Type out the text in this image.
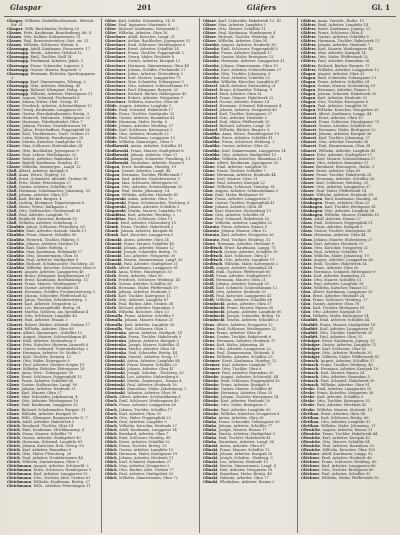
Glaspar	201	Gläfers	Gl. 1
Glaspar, Wilhelm, Modelltischlermstr., Wersch.-Str. 51
Glaspar, Willi, Buchbinder, Dollweg 25
Glasow, Fritz, Kaufmann, Brandenburg. 88. II
Glasow, Otto, Kellner, Katharinenstr. 11
Glasow, Paul, Bureauvorsteher, Gärt. str. 21
Glasow, Wilhelm, Schlosser, Weisstr. 6
Glasenapp, Adolf, Kaufmann, Pissauerstr. 17
Glasenapp, Bernh., Arbeiter, Holzhof 12
Glasenapp, Emil, Tischler, Stall 14
Glasenapp, Ferdinand, Arbeiter, Jakob. 5
Glasenapp, Franz, Schneider, Lagerstr. 3
Glasenapp, Gustav, Maurer, Bogenstr. 1
Glasenapp, Hermann, Böttcher, Sperlingsgasse 3
Glasenapp, Karl, Zimmermann, Tobiasg. 2
Glasenapp, Otto, Arbeiter, Weideng. 45
Glasenapp, Richard, Klempner, Holzg. 9
Glasenapp, Wilhelm, Arbeiter, Hintergasse 11
Glaser, August, Schmied, Fischmarkt 8
Glaser, Emma, Witwe, Heil. Geistg. 41
Glaser, Friedrich, Arbeiter, Schüsseldamm 13
Glaser, Georg, Kaufmann, Langgasse 60
Glaser, Gustav, Eisenbahnbeamter, Breitg. 3
Glaser, Heinrich, Malermstr., Häkergasse 22
Glaser, Hermann, Fabrikarbeiter, Ohra 7
Glaser, Johann, Fischer, Neufahrwasser 16
Glaser, Julius, Postschaffner, Poggenpfuhl 80
Glaser, Karl, Tischlermstr., Vorst. Graben 21
Glaser, Luise, Näherin, Paradiesgasse 28
Glaser, Martin, Kutscher, Sandgrube 14
Glaser, Max, Schlosser, Mattenbuden 24
Glaser, Otto, Buchhalter, Jopengasse 9
Glaser, Paul, Lehrer, Weidengasse 32
Glaser, Robert, Arbeiter, Rammbau 19
Glaser, Rudolf, Kaufmann, Hundeg. 47
Glaser, Wilhelm, Zimmerges., Langf. 12
Glaß, Albert, Arbeiter, Kneipab 6
Glaß, Anna, Witwe, Töpferg. 15
Glaß, Ernst, Schneider, Altstädt. Graben 90
Glaß, Fritz, Maler, Petershagen 27
Glaß, Gustav, Arbeiter, Schidlitz 38
Glaß, Hermann, Schuhmacher, Johannisg. 33
Glaß, Johann, Arbeiter, Ohra 102
Glaß, Karl, Bäcker, Burgstr. 4
Glaß, Ludwig, Klempner, Tagnetergasse 8
Glaß, Marie, Witwe, Kalkgasse 2
Glaß, Otto, Stellmacher, Niederstadt 41
Glaß, Paul, Arbeiter, Langfuhr 73
Glaß, Reinhold, Kutscher, Brabank 10
Glaß, Wilhelm, Arbeiter, Schichaug. 5
Glaubitz, Anton, Schlosser, Fleischerg. 63
Glaubitz, Emil, Arbeiter, Kassub. Markt 11
Glaubitz, Franz, Maurer, Schidlitz 90
Glaubitz, Heinrich, Tischler, Häkerg. 5
Glaubitz, Johann, Arbeiter, Mottlau 18
Glaubitz, Karl, Maler, Büttelg. 3
Glaubitz, Max, Kaufmann, Holzmarkt 17
Glaubitz, Otto, Zimmermann, Ohra 55
Glaubitz, Paul, Arbeiter, Stadtgebiet 9
Glaubitz, Richard, Schuhmacher, Tischlerg. 26
Glaubitz, Wilhelm, Kutscher, Schwarzes Meer 6
Glauert, August, Arbeiter, Langgarten 48
Glauert, Bruno, Klempner, Karpfenseigen 21
Glauert, Ernst, Kaufmann, Brotbänkeng. 11
Glauert, Franz, Maurer, Weidengasse 7
Glauert, Gustav, Arbeiter, Heubude 14
Glauert, Hermann, Schiffer, Fischmeisterweg 3
Glauert, Johann, Schneider, Pfefferstadt 42
Glauert, Julius, Tischler, Scheibenritterg. 5
Glauert, Karl, Arbeiter, Neugarten 22
Glauert, Leo, Bureaugehülfe, Breitg. 61
Glauert, Martha, Näherin, Am Spendhaus 4
Glauert, Otto, Schlosser, Langfuhr 40
Glauert, Paul, Arbeiter, Emaus 3
Glauert, Robert, Bäcker, Altstädt. Graben 17
Glauert, Wilhelm, Arbeiter, Ohra 88
Glauer, Albert, Zimmerges., Schidlitz 12
Glauer, August, Maurer, Schüsseldamm 40
Glauer, Emil, Arbeiter, Stolzenberg 9
Glauer, Fritz, Kutscher, Hinterm Lazareth 6
Glauer, Gustav, Schmied, Trinitatiskirchg. 2
Glauer, Hermann, Arbeiter, Gr. Molde 5
Glauer, Karl, Tischler, Dienerg. 13
Glauer, Otto, Maler, Katergasse 8
Glauer, Paul, Arbeiter, Niedere Seigen 19
Glauer, Wilhelm, Böttcher, Rittergasse 14
Glawe, Anna, Wwe., Tobiasgasse 30
Glawe, Ernst, Schlosser, Poggenpfuhl 12
Glawe, Franz, Arbeiter, Schidlitz 64
Glawe, Gustav, Stellmacher, Langf. 90
Glawe, Johann, Arbeiter, Heubude 31
Glawe, Karl, Maurer, Ohra 27
Glawe, Max, Schneider, Jakobsneug. 4
Glawe, Otto, Arbeiter, Weidengasse 18
Glawe, Paul, Kaufmann, Langgasse 33
Glawe, Richard, Schuhmacher, Burgstr. 11
Glawe, Wilhelm, Arbeiter, Kneipab 29
Glawe, Wilh., Klempner, Baumgartsche G. 7
Gleich, Adolf, Arbeiter, Hakelwerk 5
Gleich, Bernhard, Tischler, Ohra 14
Gleich, Emil, Kaufmann, Milchkanneng. 8
Gleich, Franz, Maurer, Schidlitz 70
Gleich, Gustav, Arbeiter, Stadtgebiet 40
Gleich, Hermann, Schmied, Langfuhr 61
Gleich, Johann, Kutscher, Heil. Geistg. 90
Gleich, Karl, Arbeiter, Rammbau 8
Gleich, Otto, Maler, Fleischerg. 20
Gleich, Paul, Arbeiter, Neufahrwasser 44
Gleich, Wilhelm, Zimmermann, Ohra 3
Gleichmann, August, Arbeiter, Schüsseld. 2
Gleichmann, Ernst, Schlosser, Hundegasse 9
Gleichmann, Karl, Arbeiter, Langgarten 15
Gleichmann, Otto, Tischler, Altst. Graben 61
Gleichmann, Wilhelm, Kaufmann, Breitg. 27
Gleichmann, Wilh., Arbeiter, Petershagen 11
Glöer, Karl, Sattler, Schmiedeg. 14. II
Glöer, Paul, Ingenieur, Marienstr. 8
Glöer, Richard, Kaufmann, Holzmarkt 5
Glöer, Wilhelm, Arbeiter, Ohra 16
Gloeckner, Adolf, Kutscher, Langf. 31
Gloeckner, Arthur, Buchhalter, Jopengasse 51
Gloeckner, Emil, Schlosser, Weidengasse 6
Gloeckner, Ernst, Arbeiter, Schidlitz 14
Gloeckner, Franz, Tischler, Poggenpfuhl 3
Gloeckner, Georg, Maler, Heubude 8
Gloeckner, Gustav, Arbeiter, Kneipab 12
Gloeckner, Hermann, Zimmermann, Ohra 44
Gloeckner, Johann, Schiffer, Fischmarkt 27
Gloeckner, Julius, Arbeiter, Stolzenberg 2
Gloeckner, Karl, Maurer, Langgarten 73
Gloeckner, Max, Schneider, Tobiasgasse 5
Gloeckner, Otto, Arbeiter, Schüsseldamm 19
Gloeckner, Paul, Klempner, Burgstr. 22
Gloeckner, Richard, Bäcker, Häkergasse 40
Gloeckner, Robert, Arbeiter, Neugarten 9
Gloeckner, Wilhelm, Kutscher, Ohra 66
Glöde, August, Arbeiter, Langfuhr 5
Glöde, Emil, Schmied, Hakelwerk 17
Glöde, Franz, Tischler, Sandgrube 32
Glöde, Gustav, Arbeiter, Rammbau 41
Glöde, Hermann, Maler, Breitg. 8
Glöde, Johann, Arbeiter, Weideng. 57
Glöde, Karl, Schlosser, Katergasse 3
Glöde, Otto, Arbeiter, Heubude 22
Glöde, Paul, Kaufmann, Langgasse 12
Glöde, Wilhelm, Zimmerges., Ohra 9
Glodkowski, Anton, Arbeiter, Schidlitz 81
Glodkowski, Franz, Maurer, Stadtgebiet 6
Glodkowski, Johann, Arbeiter, Ohra 37
Glodkowski, Joseph, Schneider, Paradiesg. 11
Glodkowski, Stanislaus, Arbeiter, Emaus 8
Glogau, Ernst, Kaufmann, Hundeg. 19
Glogau, Gustav, Arbeiter, Langf. 44
Glogau, Hermann, Tischler, Pfefferstadt 7
Glogau, Karl, Arbeiter, Neufahrwasser 3
Glogau, Max, Schlosser, Rittergasse 20
Glogau, Otto, Arbeiter, Schüsseldamm 55
Glogau, Paul, Maler, Johannisg. 14
Glogau, Wilhelm, Arbeiter, Heubude 41
Glogowski, Adam, Arbeiter, Ohra 70
Glogowski, Franz, Schuhmacher, Tischlerg. 8
Glogowski, Johann, Arbeiter, Schidlitz 5
Glogowski, Martin, Maurer, Langfuhr 18
Glombitza, Karl, Arbeiter, Weideng. 2
Glombitza, Paul, Schlosser, Ohra 11
Glomb, Emil, Arbeiter, Stolzenberg 15
Glomb, Franz, Tischler, Hakelwerk 3
Glomb, Johann, Arbeiter, Kneipab 40
Glomb, Karl, Kutscher, Langgarten 9
Glomski, Anton, Arbeiter, Ohra 24
Glomski, Franz, Maurer, Schidlitz 48
Glomski, Johann, Arbeiter, Emaus 12
Glomski, Joseph, Schneider, Breitg. 70
Glomski, Leo, Arbeiter, Neugarten 30
Glomski, Martin, Zimmermann, Langf. 52
Glomski, Paul, Arbeiter, Stadtgebiet 21
Gloth, Albert, Kaufmann, Langgasse 81
Gloth, Anna, Witwe, Hundegasse 33
Gloth, Ernst, Arbeiter, Ohra 90
Gloth, Friedrich, Schlosser, Weideng. 14
Gloth, Gustav, Arbeiter, Schidlitz 26
Gloth, Hermann, Maler, Pfefferstadt 19
Gloth, Johann, Arbeiter, Heubude 5
Gloth, Karl, Tischler, Katergasse 11
Gloth, Otto, Arbeiter, Langfuhr 67
Gloth, Paul, Bäcker, Altst. Graben 38
Gloth, Richard, Arbeiter, Rammbau 3
Gloth, Wilhelm, Kutscher, Ohra 13
Glowalla, Franz, Arbeiter, Schidlitz 9
Glowalla, Johann, Maurer, Emaus 21
Glowalla, Karl, Arbeiter, Langfuhr 28
Glowalla, Paul, Schlosser, Ohra 5
Glowienka, Anton, Arbeiter, Stadtgeb. 14
Glowienka, Franz, Tischler, Hakelwerk 9
Glowienka, Johann, Arbeiter, Kneipab 3
Glowienka, Joseph, Maurer, Schidlitz 31
Glowienka, Martin, Arbeiter, Ohra 58
Glowienka, Paul, Schneider, Breitg. 44
Glowienka, Stanisl., Arbeiter, Neug. 17
Glowinski, Anton, Arbeiter, Langfuhr 84
Glowinski, Franz, Maurer, Schidlitz 22
Glowinski, Johann, Arbeiter, Ohra 41
Glowinski, Joseph, Schuhm., Tischlerg. 30
Glowinski, Leo, Arbeiter, Stolzenberg 6
Glowinski, Martin, Zimmerges., Emaus 4
Glowinski, Paul, Arbeiter, Heubude 18
Glowinski, Stanislaus, Maler, Jakobsneug. 2
Glowinski, Valentin, Arbeiter, Ohra 99
Gluch, Albert, Arbeiter, Schüsseldamm 8
Gluch, Emil, Schlosser, Weidengasse 40
Gluch, Franz, Arbeiter, Langgarten 60
Gluch, Johann, Tischler, Schidlitz 17
Gluch, Karl, Arbeiter, Ohra 35
Gluch, Otto, Maler, Poggenpfuhl 20
Gluch, Paul, Arbeiter, Langfuhr 9
Gluch, Wilhelm, Kutscher, Heubude 27
Glück, Adolf, Kaufmann, Langgasse 14
Glück, Bernhard, Arbeiter, Ohra 7
Glück, Emil, Schlosser, Hundeg. 88
Glück, Ernst, Arbeiter, Schidlitz 52
Glück, Franz, Tischler, Breitg. 33
Glück, Gustav, Arbeiter, Langfuhr 15
Glück, Hermann, Maler, Katergasse 19
Glück, Johann, Arbeiter, Heubude 11
Glück, Karl, Schmied, Rammbau 27
Glück, Max, Arbeiter, Neugarten 3
Glück, Otto, Bäcker, Altst. Graben 77
Glück, Paul, Arbeiter, Stadtgebiet 33
Glück, Wilhelm, Zimmermann, Ohra 72
Gläser, Karl, Schneider, Hakelwerk 12. III
Gläser, Max, Arbeiter, Langfuhr 3
Gläser, Otto, Maurer, Schidlitz 11
Gläser, Paul, Kaufmann, Hundegasse 4
Gläser, Richard, Tischler, Weideng. 26
Gläser, Wilhelm, Arbeiter, Ohra 50
Glaeske, August, Arbeiter, Heubude 36
Glaeske, Emil, Schlosser, Poggenpfuhl 8
Glaeske, Franz, Arbeiter, Kneipab 17
Glaeske, Gustav, Maler, Breitgasse 12
Glaeske, Hermann, Arbeiter, Langgarten 31
Glaeske, Johann, Zimmermann, Ohra 19
Glaeske, Karl, Arbeiter, Schüsseldamm 27
Glaeske, Otto, Tischler, Johannisg. 6
Glaeske, Paul, Arbeiter, Schidlitz 33
Glaeske, Wilhelm, Kutscher, Langfuhr 47
Glatzel, Adolf, Arbeiter, Stolzenberg 21
Glatzel, Bruno, Schneider, Tobiasg. 9
Glatzel, Emil, Arbeiter, Ohra 61
Glatzel, Franz, Maurer, Hakelwerk 22
Glatzel, Gustav, Arbeiter, Emaus 14
Glatzel, Hermann, Schmied, Rittergasse 4
Glatzel, Johann, Arbeiter, Neugarten 40
Glatzel, Karl, Tischler, Katergasse 27
Glatzel, Otto, Arbeiter, Heubude 3
Glatzel, Paul, Maler, Pfefferstadt 33
Glatzel, Richard, Arbeiter, Langf. 20
Glatzel, Wilhelm, Bäcker, Burgstr. 6
Glaubke, Anna, Witwe, Paradiesgasse 19
Glaubke, Ernst, Arbeiter, Schidlitz 41
Glaubke, Franz, Schlosser, Weideng. 3
Glaubke, Gustav, Arbeiter, Ohra 26
Glaubke, Karl, Zimmermann, Langgarten 14
Glaubke, Otto, Arbeiter, Stadtgebiet 12
Glaubke, Wilhelm, Kutscher, Rammbau 31
Glaue, Albert, Kaufmann, Jopengasse 20
Glaue, Emil, Arbeiter, Langfuhr 35
Glaue, Franz, Tischler, Schidlitz 7
Glaue, Hermann, Arbeiter, Heubude 44
Glaue, Karl, Maurer, Ohra 31
Glaue, Paul, Arbeiter, Kneipab 22
Glaue, Wilhelm, Schlosser, Hundeg. 61
Glaw, August, Arbeiter, Schüsseldamm 3
Glaw, Emil, Maler, Breitgasse 90
Glaw, Franz, Arbeiter, Langgarten 5
Glaw, Gustav, Tischler, Poggenpfuhl 41
Glaw, Johann, Arbeiter, Ohra 84
Glaw, Karl, Kutscher, Stolzenberg 11
Glaw, Otto, Arbeiter, Schidlitz 58
Glaw, Paul, Schmied, Hakelwerk 30
Glaw, Wilhelm, Arbeiter, Langfuhr 22
Glawatz, Franz, Arbeiter, Emaus 9
Glawatz, Johann, Maurer, Ohra 12
Glawatz, Karl, Arbeiter, Neugarten 26
Glawatz, Paul, Tischler, Weideng. 51
Glawe, Hermann, Arbeiter, Heubude 9
Gleditsch, Ernst, Kaufmann, Langg. 71
Gleditsch, Gustav, Arbeiter, Schidlitz 19
Gleditsch, Karl, Schlosser, Ohra 47
Gleditsch, Otto, Arbeiter, Langfuhr 11
Gleditsch, Wilhelm, Maler, Katergasse 2
Gleiß, August, Arbeiter, Rammbau 14
Gleiß, Emil, Tischler, Pfefferstadt 60
Gleiß, Franz, Arbeiter, Stadtgebiet 8
Gleiß, Hermann, Maurer, Ohra 21
Gleiß, Johann, Arbeiter, Kneipab 33
Gleiß, Karl, Schmied, Schüsseldamm 12
Gleiß, Otto, Arbeiter, Heubude 30
Gleiß, Paul, Kutscher, Langgarten 41
Gleiß, Wilhelm, Arbeiter, Schidlitz 66
Glembocki, Anton, Arbeiter, Ohra 17
Glembocki, Franz, Maurer, Emaus 30
Glembocki, Johann, Arbeiter, Langfuhr 60
Glembocki, Joseph, Schneider, Breitg. 16
Glembocki, Martin, Arbeiter, Schidlitz 3
Glenz, Albert, Arbeiter, Neugarten 12
Glenz, Emil, Schlosser, Weidengasse 22
Glenz, Franz, Arbeiter, Ohra 40
Glenz, Gustav, Tischler, Hakelwerk 6
Glenz, Hermann, Arbeiter, Heubude 17
Glenz, Karl, Maler, Johannisg. 40
Glenz, Otto, Arbeiter, Langgarten 22
Glenz, Paul, Zimmermann, Stolzenb. 4
Glenz, Wilhelm, Arbeiter, Schidlitz 29
Glesmer, Ernst, Kaufmann, Hundeg. 12
Glesmer, Karl, Arbeiter, Langfuhr 77
Glesmer, Otto, Tischler, Ohra 8
Glesmer, Paul, Arbeiter, Rammbau 20
Glienke, August, Arbeiter, Schüsseld. 44
Glienke, Emil, Schlosser, Poggenpfuhl 30
Glienke, Franz, Arbeiter, Kneipab 9
Glienke, Gustav, Maurer, Schidlitz 45
Glienke, Hermann, Arbeiter, Ohra 53
Glienke, Johann, Tischler, Katergasse 14
Glienke, Karl, Arbeiter, Heubude 20
Glienke, Otto, Maler, Breitgasse 5
Glienke, Paul, Arbeiter, Langfuhr 30
Glienke, Wilhelm, Kutscher, Neugarten 8
Glinka, Anton, Arbeiter, Ohra 28
Glinka, Franz, Schneider, Tobiasgasse 20
Glinka, Johann, Arbeiter, Schidlitz 77
Glinka, Joseph, Maurer, Emaus 17
Glinka, Martin, Arbeiter, Stadtgebiet 5
Glinka, Paul, Tischler, Hakelwerk 41
Glinka, Stanislaus, Arbeiter, Langf. 36
Glinski, Anton, Arbeiter, Ohra 65
Glinski, Franz, Maurer, Schidlitz 12
Glinski, Johann, Arbeiter, Kneipab 26
Glinski, Joseph, Schuhm., Weideng. 9
Glinski, Leo, Arbeiter, Heubude 13
Glinski, Martin, Zimmermann, Langf. 8
Glinski, Paul, Arbeiter, Neugarten 18
Glinski, Stanislaus, Maler, Breitg. 48
Glinski, Valentin, Arbeiter, Ohra 77
Glinski, Wladislaus, Arbeiter, Emaus 2
Gläfers, Anna, Vorsteh., Raths. 11
Gläfers, Emil, Arbeiter, Langfuhr 14
Gläfers, Ernst, Kaufmann, Jopeng. 22
Gläfers, Franz, Schlosser, Ohra 4
Gläfers, Gustav, Arbeiter, Schidlitz 8
Gläfers, Hermann, Tischler, Hakelwerk 11
Gläfers, Johann, Arbeiter, Heubude 7
Gläfers, Karl, Maurer, Weidengasse 44
Gläfers, Max, Arbeiter, Kneipab 14
Gläfers, Otto, Maler, Pfefferstadt 22
Gläfers, Paul, Arbeiter, Rammbau 36
Gläfers, Richard, Bäcker, Burgstr. 17
Gläfers, Wilhelm, Arbeiter, Langgarten 12
Glagau, August, Arbeiter, Ohra 32
Glagau, Emil, Schneider, Tobiasgasse 13
Glagau, Franz, Arbeiter, Schidlitz 24
Glagau, Gustav, Maurer, Stolzenberg 19
Glagau, Hermann, Arbeiter, Emaus 6
Glagau, Johann, Schmied, Hakelwerk 35
Glagau, Karl, Arbeiter, Heubude 33
Glagau, Otto, Tischler, Katergasse 6
Glagau, Paul, Arbeiter, Langfuhr 50
Glagau, Wilhelm, Kutscher, Neugarten 33
Glanert, Albert, Kaufmann, Langg. 44
Glanert, Ernst, Arbeiter, Ohra 15
Glanert, Franz, Schlosser, Hundegasse 70
Glanert, Gustav, Arbeiter, Schidlitz 60
Glanert, Hermann, Maler, Breitgasse 22
Glanert, Johann, Arbeiter, Kneipab 36
Glanert, Karl, Tischler, Johannisg. 27
Glanert, Otto, Arbeiter, Heubude 26
Glanert, Paul, Zimmermann, Ohra 38
Glanert, Wilhelm, Arbeiter, Langfuhr 43
Glaner, Fritz, Arbeiter, Stadtgebiet 27
Glaner, Karl, Maurer, Schüsseldamm 17
Glaner, Otto, Arbeiter, Rammbau 11
Glaser, Bernhard, Bureaugeh., Raths. 3
Glaser, Ernst, Arbeiter, Ohra 69
Glaser, Franz, Tischler, Hakelwerk 26
Glaser, Hermann, Arbeiter, Schidlitz 36
Glaser, Karl, Schlosser, Weideng. 31
Glaser, Otto, Arbeiter, Langgarten 27
Glaser, Paul, Maler, Pfefferstadt 14
Glaser, Wilhelm, Arbeiter, Heubude 39
Glashagen, Emil, Kaufmann, Hundeg. 26
Glashagen, Franz, Arbeiter, Ohra 22
Glashagen, Karl, Tischler, Breitgasse 41
Glashagen, Otto, Arbeiter, Langfuhr 26
Glashagen, Wilhelm, Maurer, Schidlitz 18
Glass, Adolf, Arbeiter, Emaus 27
Glass, Emil, Schlosser, Poggenpfuhl 51
Glass, Franz, Arbeiter, Kneipab 5
Glass, Gustav, Tischler, Katergasse 30
Glass, Hermann, Arbeiter, Ohra 44
Glass, Johann, Maurer, Stolzenberg 27
Glass, Karl, Arbeiter, Heubude 15
Glass, Otto, Kutscher, Neugarten 21
Glass, Paul, Arbeiter, Schidlitz 71
Glass, Wilhelm, Maler, Johannisg. 19
Glatz, August, Arbeiter, Langgarten 36
Glatz, Emil, Tischler, Hakelwerk 14
Glatz, Franz, Arbeiter, Ohra 56
Glatz, Hermann, Schmied, Rittergasse 9
Glatz, Karl, Arbeiter, Rammbau 22
Glatz, Otto, Maurer, Schidlitz 51
Glatz, Paul, Arbeiter, Langfuhr 58
Glatz, Wilhelm, Kutscher, Emaus 11
Glau, Albert, Kaufmann, Langgasse 29
Glau, Ernst, Arbeiter, Heubude 24
Glau, Franz, Schlosser, Weideng. 17
Glau, Gustav, Arbeiter, Ohra 78
Glau, Karl, Tischler, Breitgasse 59
Glau, Otto, Arbeiter, Kneipab 30
Glau, Wilhelm, Maler, Katergasse 24
Glaubitt, Emil, Arbeiter, Schidlitz 44
Glaubitt, Franz, Maurer, Stadtgebiet 18
Glaubitt, Karl, Arbeiter, Langgarten 51
Glaubitt, Otto, Tischler, Hakelwerk 20
Glaubitt, Paul, Arbeiter, Ohra 33
Gleiniger, Ernst, Kaufmann, Jopeng. 35
Gleiniger, Gustav, Arbeiter, Langfuhr 71
Gleiniger, Karl, Schlosser, Ohra 62
Gleiniger, Otto, Arbeiter, Heubude 35
Gleiniger, Wilhelm, Maler, Pfefferstadt 45
Glemsch, August, Arbeiter, Schidlitz 27
Glemsch, Franz, Tischler, Weideng. 48
Glemsch, Hermann, Arbeiter, Kneipab 19
Glemsch, Karl, Maurer, Emaus 24
Glemsch, Otto, Arbeiter, Rammbau 5
Glemsch, Paul, Schmied, Hakelwerk 39
Glemsch, Wilhelm, Arbeiter, Ohra 91
Gleske, Emil, Arbeiter, Langgarten 19
Gleske, Franz, Kutscher, Neugarten 36
Gleske, Karl, Arbeiter, Schidlitz 9
Gleske, Otto, Tischler, Katergasse 33
Gleske, Paul, Arbeiter, Heubude 42
Gleske, Wilhelm, Maurer, Stolzenb. 13
Glettkau, Ernst, Arbeiter, Ohra 94
Glettkau, Karl, Schlosser, Breitg. 66
Glettkau, Otto, Arbeiter, Langfuhr 81
Glettkau, Wilhelm, Maler, Johannisg. 11
Glienicke, August, Arbeiter, Emaus 31
Glienicke, Franz, Tischler, Hakelwerk 44
Glienicke, Karl, Arbeiter, Kneipab 42
Glienicke, Otto, Maurer, Schidlitz 84
Glienicke, Paul, Arbeiter, Rammbau 39
Glienicke, Wilhelm, Kutscher, Ohra 100
Glöckner, Adolf, Kaufmann, Langg. 92
Glöckner, Emil, Arbeiter, Heubude 46
Glöckner, Franz, Schlosser, Weideng. 60
Glöckner, Karl, Arbeiter, Langgarten 66
Glöckner, Otto, Tischler, Breitgasse 80
Glöckner, Paul, Arbeiter, Schidlitz 92
Glöckner, Wilhelm, Maler, Pfefferstadt 56
